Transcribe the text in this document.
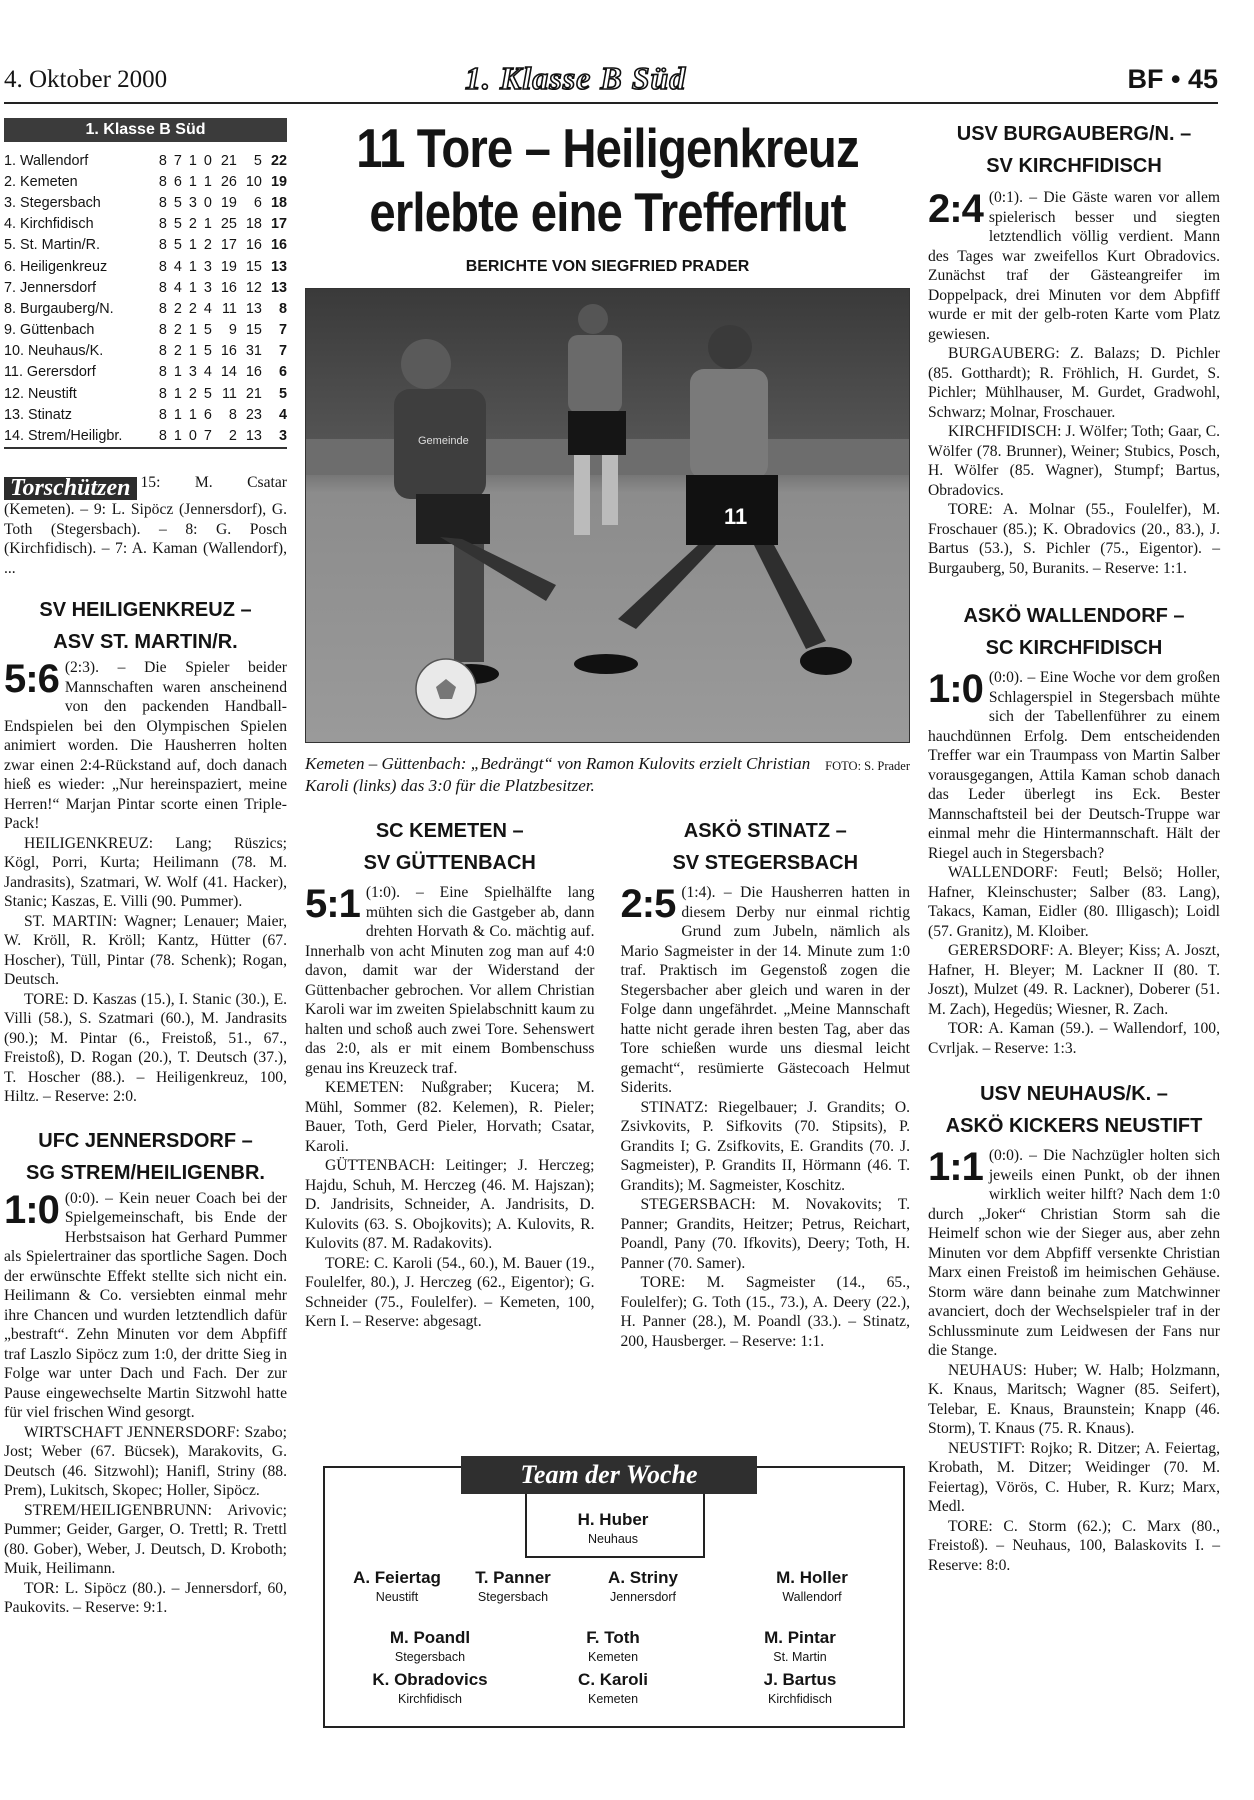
4. Oktober 2000	1. Klasse B Süd	BF • 45
1. Klasse B Süd
1. Wallendorf	8	7	1	0	21	5	22
2. Kemeten	8	6	1	1	26	10	19
3. Stegersbach	8	5	3	0	19	6	18
4. Kirchfidisch	8	5	2	1	25	18	17
5. St. Martin/R.	8	5	1	2	17	16	16
6. Heiligenkreuz	8	4	1	3	19	15	13
7. Jennersdorf	8	4	1	3	16	12	13
8. Burgauberg/N.	8	2	2	4	11	13	8
9. Güttenbach	8	2	1	5	9	15	7
10. Neuhaus/K.	8	2	1	5	16	31	7
11. Gerersdorf	8	1	3	4	14	16	6
12. Neustift	8	1	2	5	11	21	5
13. Stinatz	8	1	1	6	8	23	4
14. Strem/Heiligbr.	8	1	0	7	2	13	3
Torschützen 15: M. Csatar (Kemeten). – 9: L. Sipöcz (Jennersdorf), G. Toth (Stegersbach). – 8: G. Posch (Kirchfidisch). – 7: A. Kaman (Wallendorf), ...
SV HEILIGENKREUZ –
ASV ST. MARTIN/R.
5:6 (2:3). – Die Spieler beider Mannschaften waren anscheinend von den packenden Handball-Endspielen bei den Olympischen Spielen animiert worden. Die Hausherren holten zwar einen 2:4-Rückstand auf, doch danach hieß es wieder: „Nur hereinspaziert, meine Herren!“ Marjan Pintar scorte einen Triple-Pack!

HEILIGENKREUZ: Lang; Rüszics; Kögl, Porri, Kurta; Heilimann (78. M. Jandrasits), Szatmari, W. Wolf (41. Hacker), Stanic; Kaszas, E. Villi (90. Pummer).

ST. MARTIN: Wagner; Lenauer; Maier, W. Kröll, R. Kröll; Kantz, Hütter (67. Hoscher), Tüll, Pintar (78. Schenk); Rogan, Deutsch.

TORE: D. Kaszas (15.), I. Stanic (30.), E. Villi (58.), S. Szatmari (60.), M. Jandrasits (90.); M. Pintar (6., Freistoß, 51., 67., Freistoß), D. Rogan (20.), T. Deutsch (37.), T. Hoscher (88.). – Heiligenkreuz, 100, Hiltz. – Reserve: 2:0.

UFC JENNERSDORF –
SG STREM/HEILIGENBR.
1:0 (0:0). – Kein neuer Coach bei der Spielgemeinschaft, bis Ende der Herbstsaison hat Gerhard Pummer als Spielertrainer das sportliche Sagen. Doch der erwünschte Effekt stellte sich nicht ein. Heilimann & Co. versiebten einmal mehr ihre Chancen und wurden letztendlich dafür „bestraft“. Zehn Minuten vor dem Abpfiff traf Laszlo Sipöcz zum 1:0, der dritte Sieg in Folge war unter Dach und Fach. Der zur Pause eingewechselte Martin Sitzwohl hatte für viel frischen Wind gesorgt.

WIRTSCHAFT JENNERSDORF: Szabo; Jost; Weber (67. Bücsek), Marakovits, G. Deutsch (46. Sitzwohl); Hanifl, Striny (88. Prem), Lukitsch, Skopec; Holler, Sipöcz.

STREM/HEILIGENBRUNN: Arivovic; Pummer; Geider, Garger, O. Trettl; R. Trettl (80. Gober), Weber, J. Deutsch, D. Kroboth; Muik, Heilimann.

TOR: L. Sipöcz (80.). – Jennersdorf, 60, Paukovits. – Reserve: 9:1.

11 Tore – Heiligenkreuz
erlebte eine Trefferflut
BERICHTE VON SIEGFRIED PRADER
11
Gemeinde
FOTO: S. Prader
Kemeten – Güttenbach: „Bedrängt“ von Ramon Kulovits erzielt Christian Karoli (links) das 3:0 für die Platzbesitzer.
SC KEMETEN –
SV GÜTTENBACH
5:1 (1:0). – Eine Spielhälfte lang mühten sich die Gastgeber ab, dann drehten Horvath & Co. mächtig auf. Innerhalb von acht Minuten zog man auf 4:0 davon, damit war der Widerstand der Güttenbacher gebrochen. Vor allem Christian Karoli war im zweiten Spielabschnitt kaum zu halten und schoß auch zwei Tore. Sehenswert das 2:0, als er mit einem Bombenschuss genau ins Kreuzeck traf.

KEMETEN: Nußgraber; Kucera; M. Mühl, Sommer (82. Kelemen), R. Pieler; Bauer, Toth, Gerd Pieler, Horvath; Csatar, Karoli.

GÜTTENBACH: Leitinger; J. Herczeg; Hajdu, Schuh, M. Herczeg (46. M. Hajszan); D. Jandrisits, Schneider, A. Jandrisits, D. Kulovits (63. S. Obojkovits); A. Kulovits, R. Kulovits (87. M. Radakovits).

TORE: C. Karoli (54., 60.), M. Bauer (19., Foulelfer, 80.), J. Herczeg (62., Eigentor); G. Schneider (75., Foulelfer). – Kemeten, 100, Kern I. – Reserve: abgesagt.

ASKÖ STINATZ –
SV STEGERSBACH
2:5 (1:4). – Die Hausherren hatten in diesem Derby nur einmal richtig Grund zum Jubeln, nämlich als Mario Sagmeister in der 14. Minute zum 1:0 traf. Praktisch im Gegenstoß zogen die Stegersbacher aber gleich und waren in der Folge dann ungefährdet. „Meine Mannschaft hatte nicht gerade ihren besten Tag, aber das Tore schießen wurde uns diesmal leicht gemacht“, resümierte Gästecoach Helmut Siderits.

STINATZ: Riegelbauer; J. Grandits; O. Zsivkovits, P. Sifkovits (70. Stipsits), P. Grandits I; G. Zsifkovits, E. Grandits (70. J. Sagmeister), P. Grandits II, Hörmann (46. T. Grandits); M. Sagmeister, Koschitz.

STEGERSBACH: M. Novakovits; T. Panner; Grandits, Heitzer; Petrus, Reichart, Poandl, Pany (70. Ifkovits), Deery; Toth, H. Panner (70. Samer).

TORE: M. Sagmeister (14., 65., Foulelfer); G. Toth (15., 73.), A. Deery (22.), H. Panner (28.), M. Poandl (33.). – Stinatz, 200, Hausberger. – Reserve: 1:1.

Team der Woche
H. Huber
Neuhaus
A. Feiertag
Neustift
T. Panner
Stegersbach
A. Striny
Jennersdorf
M. Holler
Wallendorf
M. Poandl
Stegersbach
F. Toth
Kemeten
M. Pintar
St. Martin
K. Obradovics
Kirchfidisch
C. Karoli
Kemeten
J. Bartus
Kirchfidisch
USV BURGAUBERG/N. –
SV KIRCHFIDISCH
2:4 (0:1). – Die Gäste waren vor allem spielerisch besser und siegten letztendlich völlig verdient. Mann des Tages war zweifellos Kurt Obradovics. Zunächst traf der Gästeangreifer im Doppelpack, drei Minuten vor dem Abpfiff wurde er mit der gelb-roten Karte vom Platz gewiesen.

BURGAUBERG: Z. Balazs; D. Pichler (85. Gotthardt); R. Fröhlich, H. Gurdet, S. Pichler; Mühlhauser, M. Gurdet, Gradwohl, Schwarz; Molnar, Froschauer.

KIRCHFIDISCH: J. Wölfer; Toth; Gaar, C. Wölfer (78. Brunner), Weiner; Stubics, Posch, H. Wölfer (85. Wagner), Stumpf; Bartus, Obradovics.

TORE: A. Molnar (55., Foulelfer), M. Froschauer (85.); K. Obradovics (20., 83.), J. Bartus (53.), S. Pichler (75., Eigentor). – Burgauberg, 50, Buranits. – Reserve: 1:1.

ASKÖ WALLENDORF –
SC KIRCHFIDISCH
1:0 (0:0). – Eine Woche vor dem großen Schlagerspiel in Stegersbach mühte sich der Tabellenführer zu einem hauchdünnen Erfolg. Dem entscheidenden Treffer war ein Traumpass von Martin Salber vorausgegangen, Attila Kaman schob danach das Leder überlegt ins Eck. Bester Mannschaftsteil bei der Deutsch-Truppe war einmal mehr die Hintermannschaft. Hält der Riegel auch in Stegersbach?

WALLENDORF: Feutl; Belsö; Holler, Hafner, Kleinschuster; Salber (83. Lang), Takacs, Kaman, Eidler (80. Illigasch); Loidl (57. Granitz), M. Kloiber.

GERERSDORF: A. Bleyer; Kiss; A. Joszt, Hafner, H. Bleyer; M. Lackner II (80. T. Joszt), Mulzet (49. R. Lackner), Doberer (51. M. Zach), Hegedüs; Wiesner, R. Zach.

TOR: A. Kaman (59.). – Wallendorf, 100, Cvrljak. – Reserve: 1:3.

USV NEUHAUS/K. –
ASKÖ KICKERS NEUSTIFT
1:1 (0:0). – Die Nachzügler holten sich jeweils einen Punkt, ob der ihnen wirklich weiter hilft? Nach dem 1:0 durch „Joker“ Christian Storm sah die Heimelf schon wie der Sieger aus, aber zehn Minuten vor dem Abpfiff versenkte Christian Marx einen Freistoß im heimischen Gehäuse. Storm wäre dann beinahe zum Matchwinner avanciert, doch der Wechselspieler traf in der Schlussminute zum Leidwesen der Fans nur die Stange.

NEUHAUS: Huber; W. Halb; Holzmann, K. Knaus, Maritsch; Wagner (85. Seifert), Telebar, E. Knaus, Braunstein; Knapp (46. Storm), T. Knaus (75. R. Knaus).

NEUSTIFT: Rojko; R. Ditzer; A. Feiertag, Krobath, M. Ditzer; Weidinger (70. M. Feiertag), Vörös, C. Huber, R. Kurz; Marx, Medl.

TORE: C. Storm (62.); C. Marx (80., Freistoß). – Neuhaus, 100, Balaskovits I. – Reserve: 8:0.
